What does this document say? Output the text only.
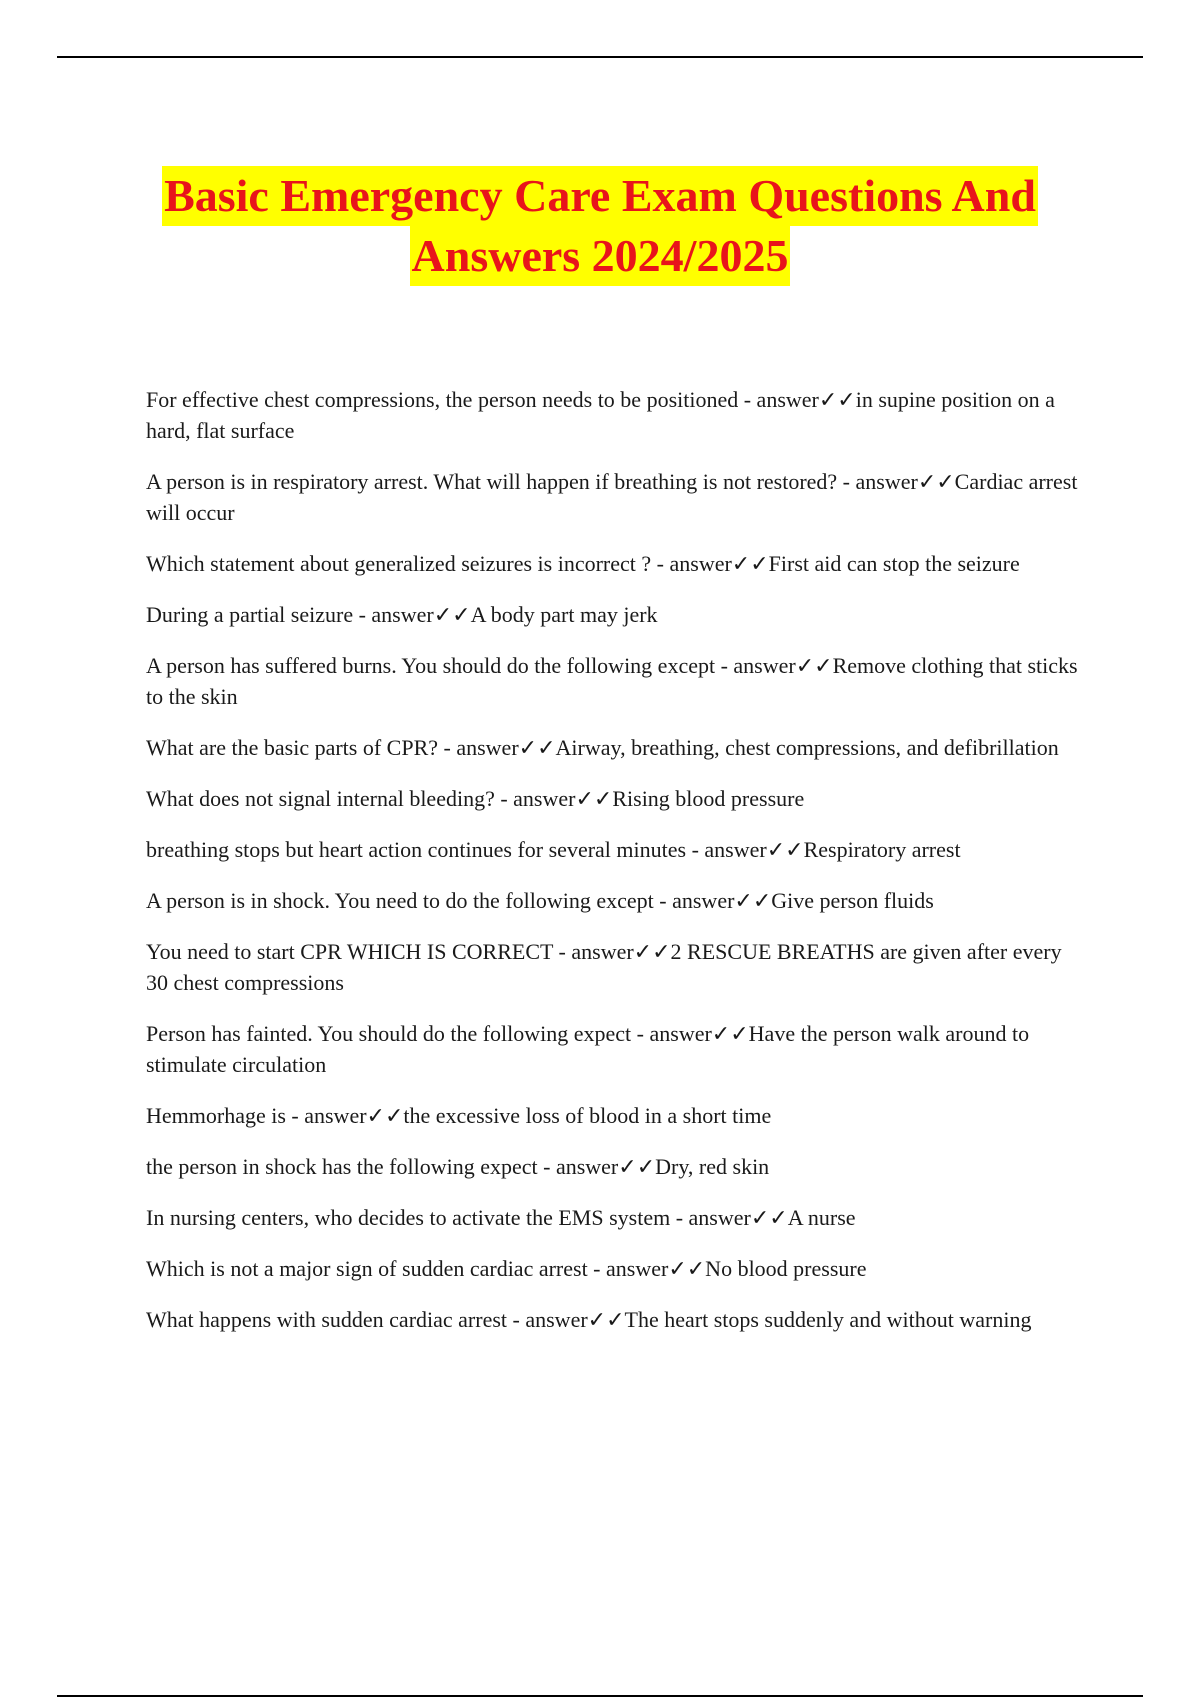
Basic Emergency Care Exam Questions And
Answers 2024/2025
For effective chest compressions, the person needs to be positioned - answer✓✓in supine position on a hard, flat surface
A person is in respiratory arrest. What will happen if breathing is not restored? - answer✓✓Cardiac arrest will occur
Which statement about generalized seizures is incorrect ? - answer✓✓First aid can stop the seizure
During a partial seizure - answer✓✓A body part may jerk
A person has suffered burns. You should do the following except - answer✓✓Remove clothing that sticks to the skin
What are the basic parts of CPR? - answer✓✓Airway, breathing, chest compressions, and defibrillation
What does not signal internal bleeding? - answer✓✓Rising blood pressure
breathing stops but heart action continues for several minutes - answer✓✓Respiratory arrest
A person is in shock. You need to do the following except - answer✓✓Give person fluids
You need to start CPR WHICH IS CORRECT - answer✓✓2 RESCUE BREATHS are given after every 30 chest compressions
Person has fainted. You should do the following expect - answer✓✓Have the person walk around to stimulate circulation
Hemmorhage is - answer✓✓the excessive loss of blood in a short time
the person in shock has the following expect - answer✓✓Dry, red skin
In nursing centers, who decides to activate the EMS system - answer✓✓A nurse
Which is not a major sign of sudden cardiac arrest - answer✓✓No blood pressure
What happens with sudden cardiac arrest - answer✓✓The heart stops suddenly and without warning
